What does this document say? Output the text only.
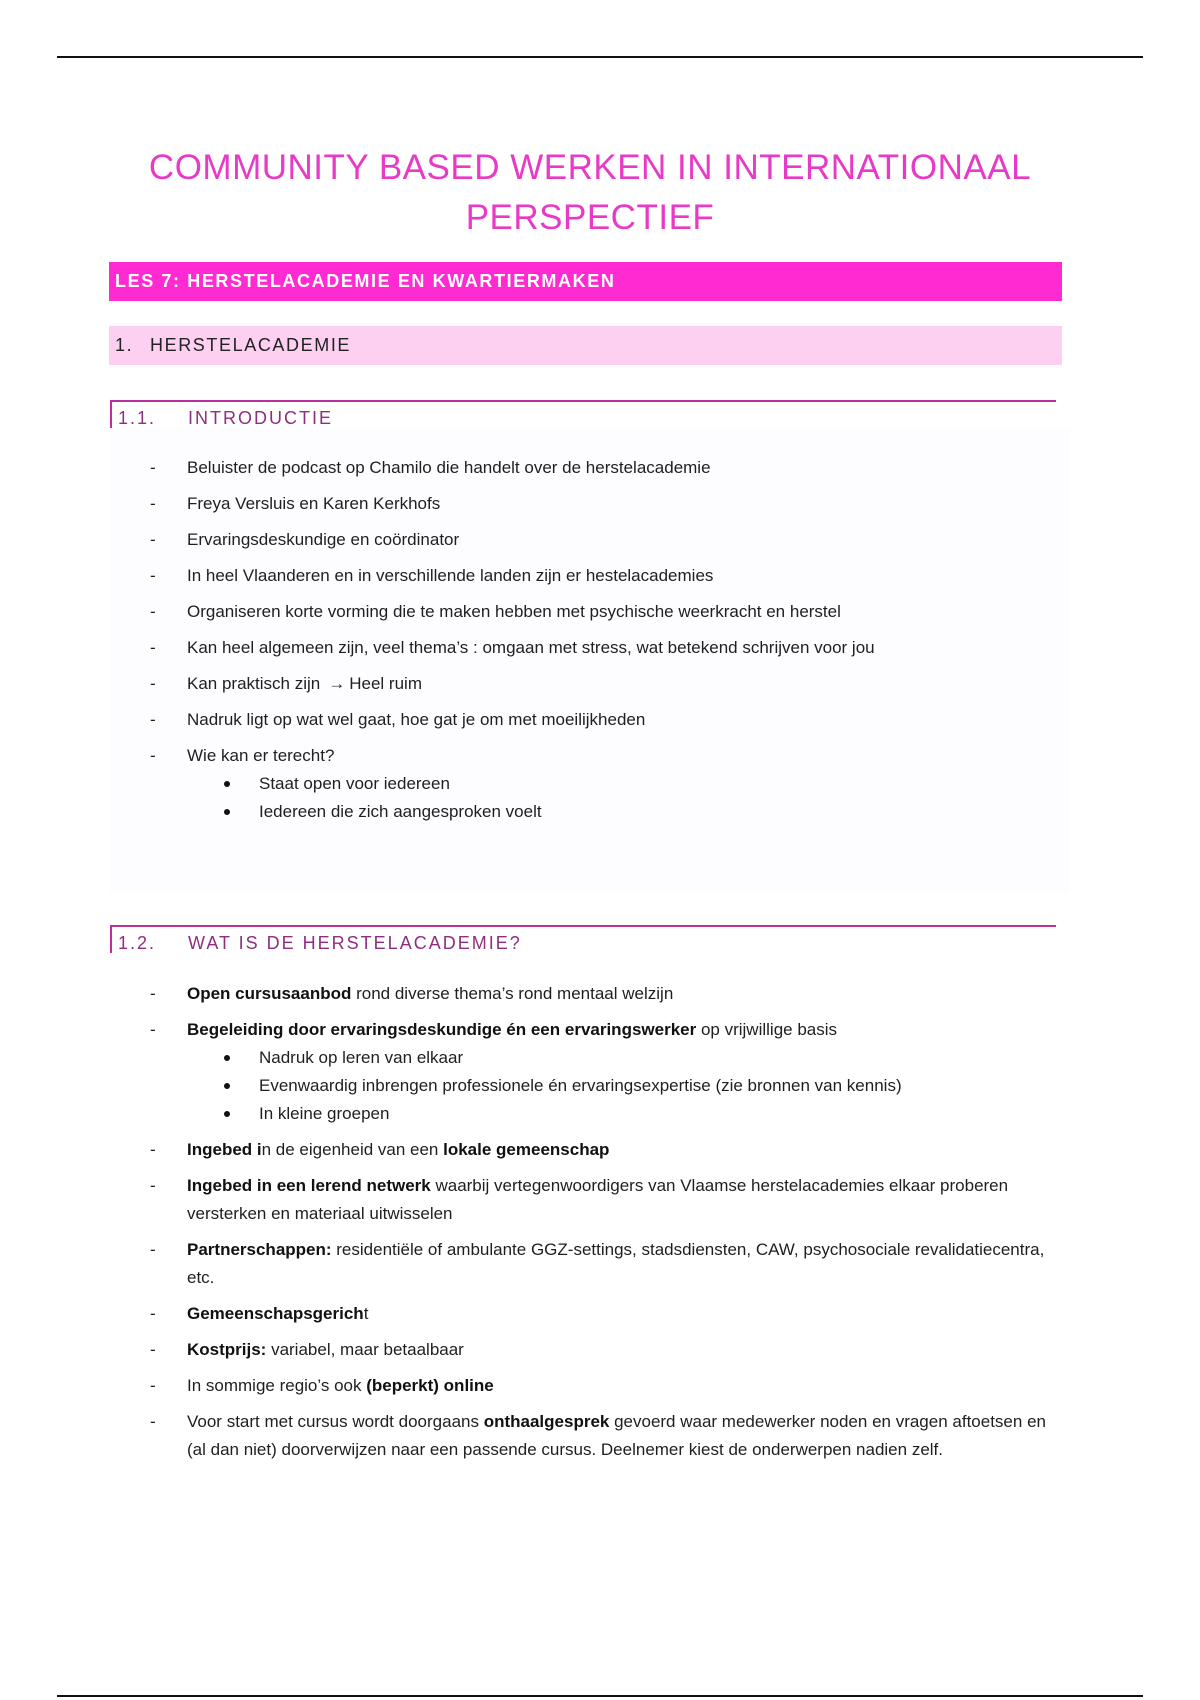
COMMUNITY BASED WERKEN IN INTERNATIONAAL
PERSPECTIEF
LES 7: HERSTELACADEMIE EN KWARTIERMAKEN
1. HERSTELACADEMIE
1.1. INTRODUCTIE
-	Beluister de podcast op Chamilo die handelt over de herstelacademie
-	Freya Versluis en Karen Kerkhofs
-	Ervaringsdeskundige en coördinator
-	In heel Vlaanderen en in verschillende landen zijn er hestelacademies
-	Organiseren korte vorming die te maken hebben met psychische weerkracht en herstel
-	Kan heel algemeen zijn, veel thema’s : omgaan met stress, wat betekend schrijven voor jou
-	Kan praktisch zijn → Heel ruim
-	Nadruk ligt op wat wel gaat, hoe gat je om met moeilijkheden
-	Wie kan er terecht?
Staat open voor iedereen
Iedereen die zich aangesproken voelt
1.2. WAT IS DE HERSTELACADEMIE?
-	Open cursusaanbod rond diverse thema’s rond mentaal welzijn
-	Begeleiding door ervaringsdeskundige én een ervaringswerker op vrijwillige basis
Nadruk op leren van elkaar
Evenwaardig inbrengen professionele én ervaringsexpertise (zie bronnen van kennis)
In kleine groepen
-	Ingebed in de eigenheid van een lokale gemeenschap
-	Ingebed in een lerend netwerk waarbij vertegenwoordigers van Vlaamse herstelacademies elkaar proberen versterken en materiaal uitwisselen
-	Partnerschappen: residentiële of ambulante GGZ-settings, stadsdiensten, CAW, psychosociale revalidatiecentra, etc.
-	Gemeenschapsgericht
-	Kostprijs: variabel, maar betaalbaar
-	In sommige regio’s ook (beperkt) online
-	Voor start met cursus wordt doorgaans onthaalgesprek gevoerd waar medewerker noden en vragen aftoetsen en (al dan niet) doorverwijzen naar een passende cursus. Deelnemer kiest de onderwerpen nadien zelf.
